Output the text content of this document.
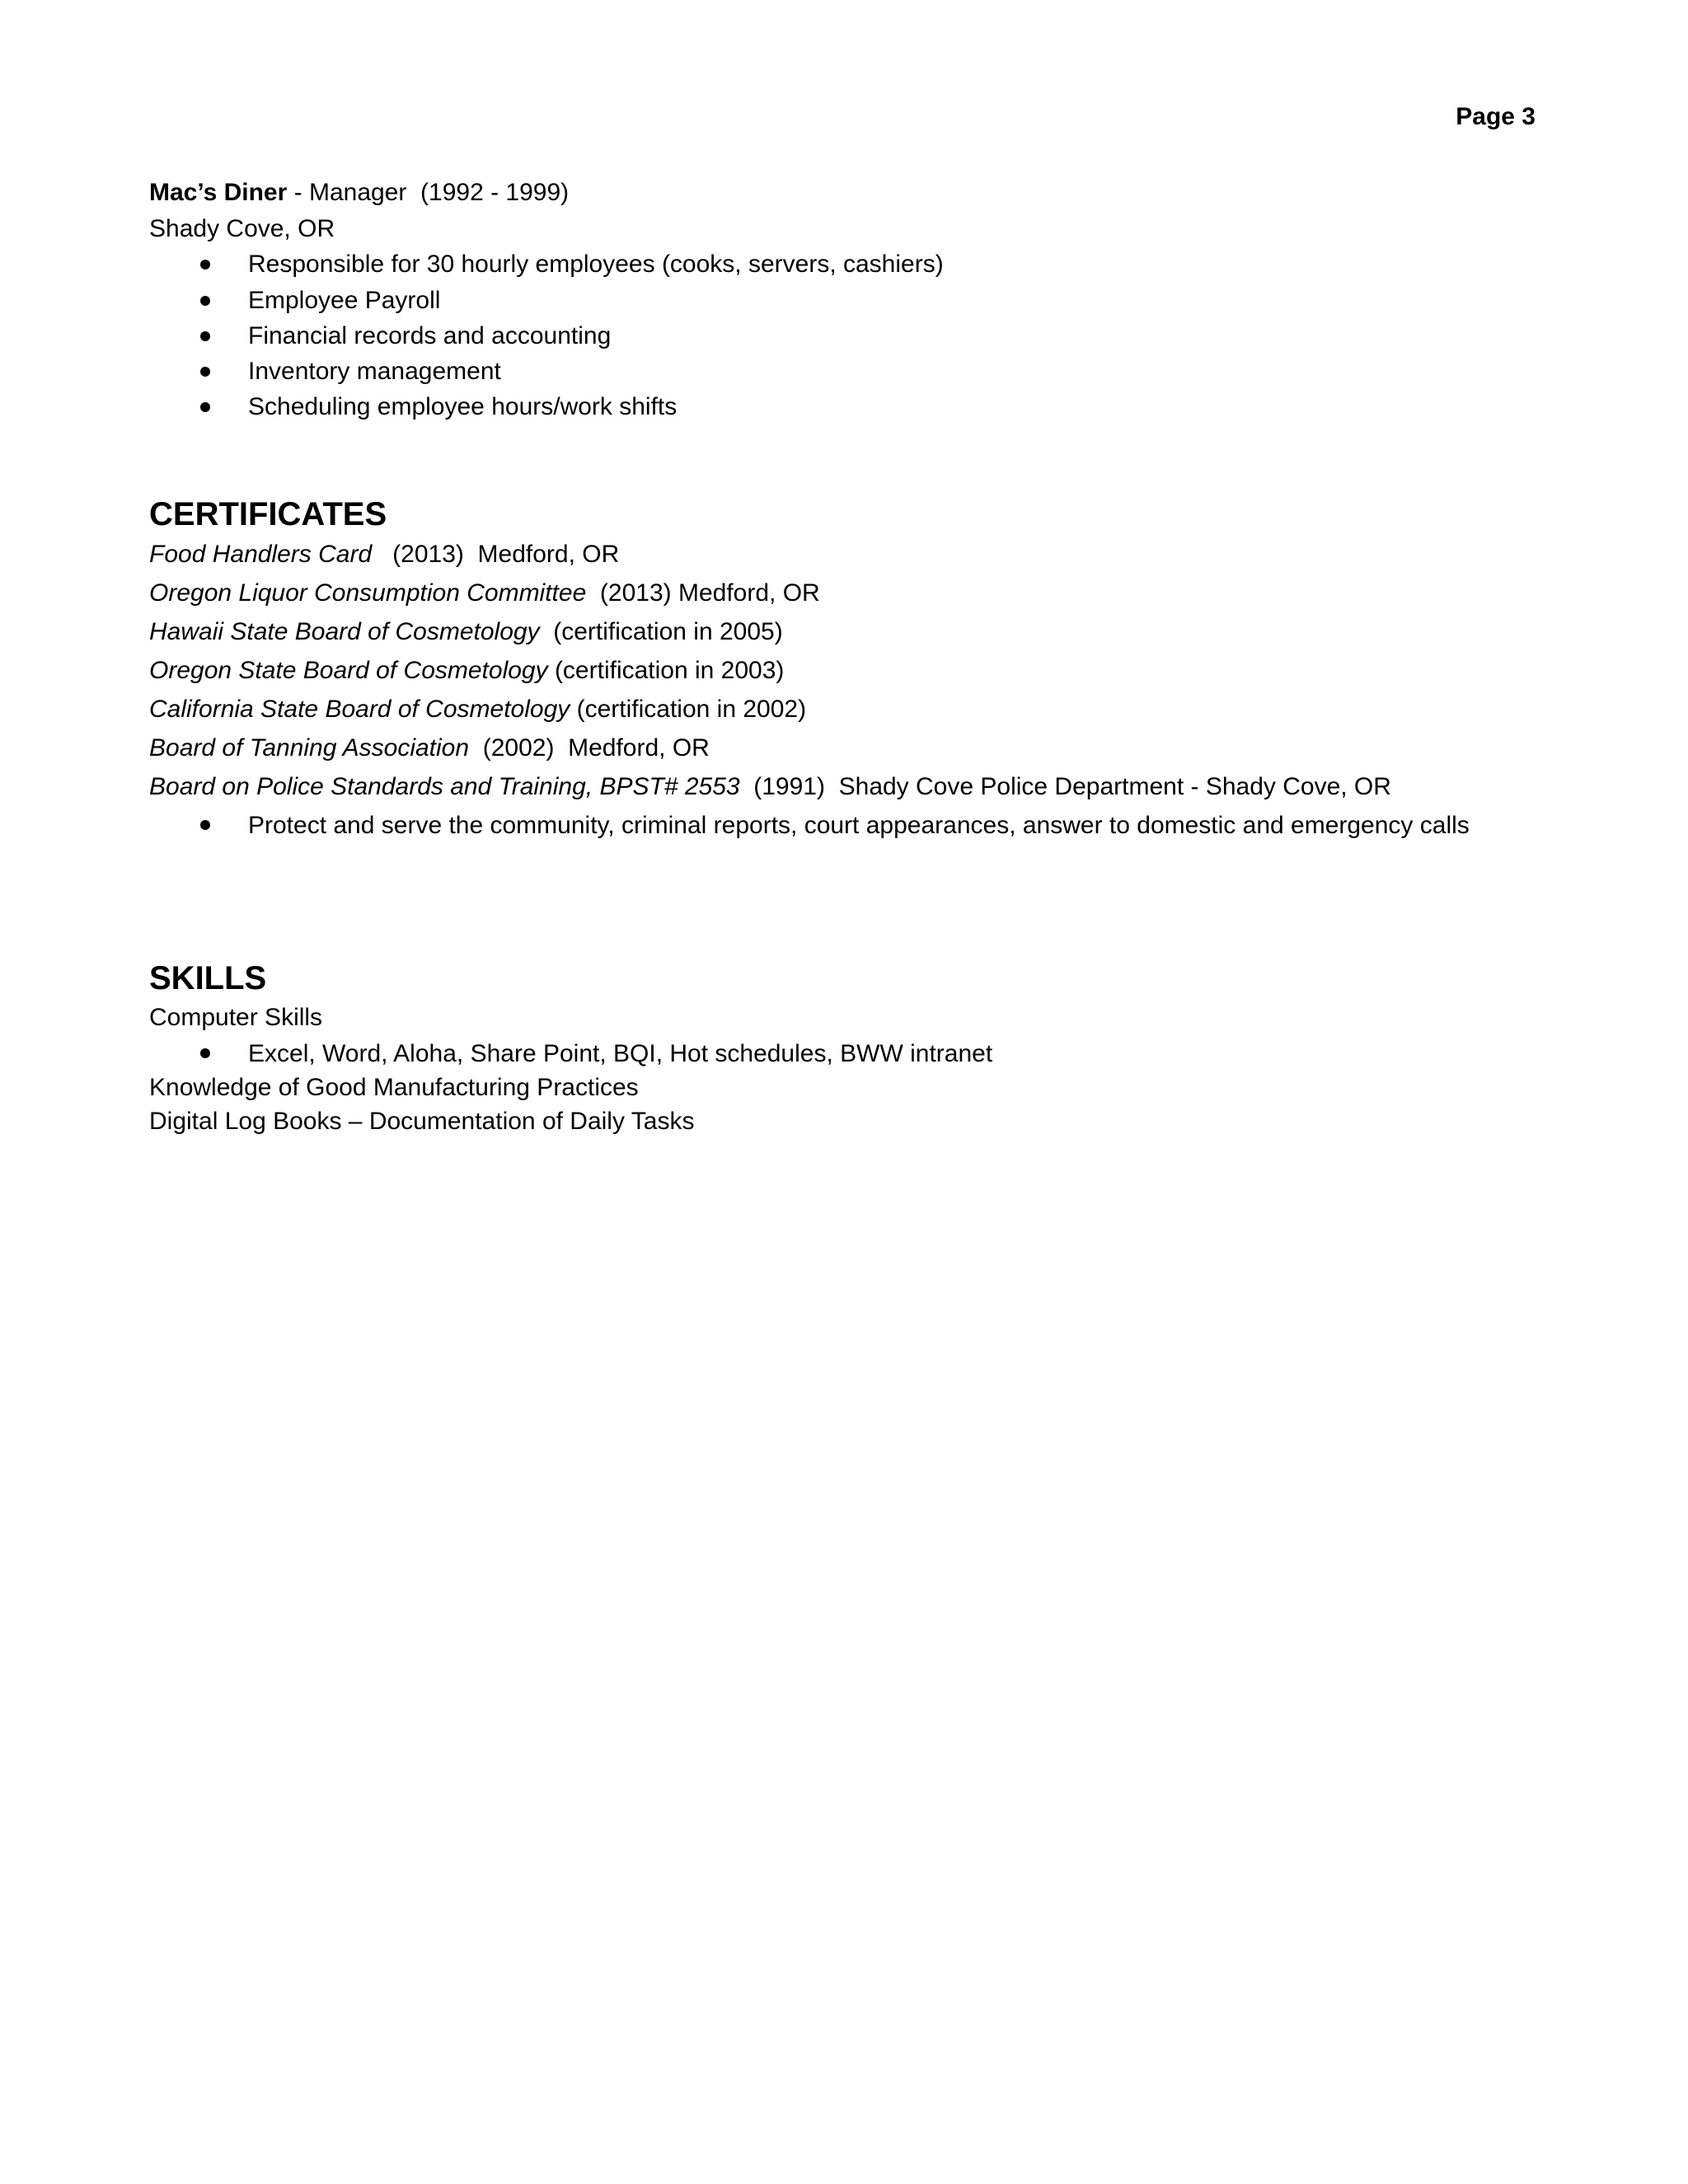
Page 3
Mac’s Diner - Manager  (1992 - 1999)
Shady Cove, OR
Responsible for 30 hourly employees (cooks, servers, cashiers)
Employee Payroll
Financial records and accounting
Inventory management
Scheduling employee hours/work shifts
CERTIFICATES
Food Handlers Card   (2013)  Medford, OR
Oregon Liquor Consumption Committee  (2013) Medford, OR
Hawaii State Board of Cosmetology  (certification in 2005)
Oregon State Board of Cosmetology (certification in 2003)
California State Board of Cosmetology (certification in 2002)
Board of Tanning Association  (2002)  Medford, OR
Board on Police Standards and Training, BPST# 2553  (1991)  Shady Cove Police Department - Shady Cove, OR
Protect and serve the community, criminal reports, court appearances, answer to domestic and emergency calls
SKILLS
Computer Skills
Excel, Word, Aloha, Share Point, BQI, Hot schedules, BWW intranet
Knowledge of Good Manufacturing Practices
Digital Log Books – Documentation of Daily Tasks
